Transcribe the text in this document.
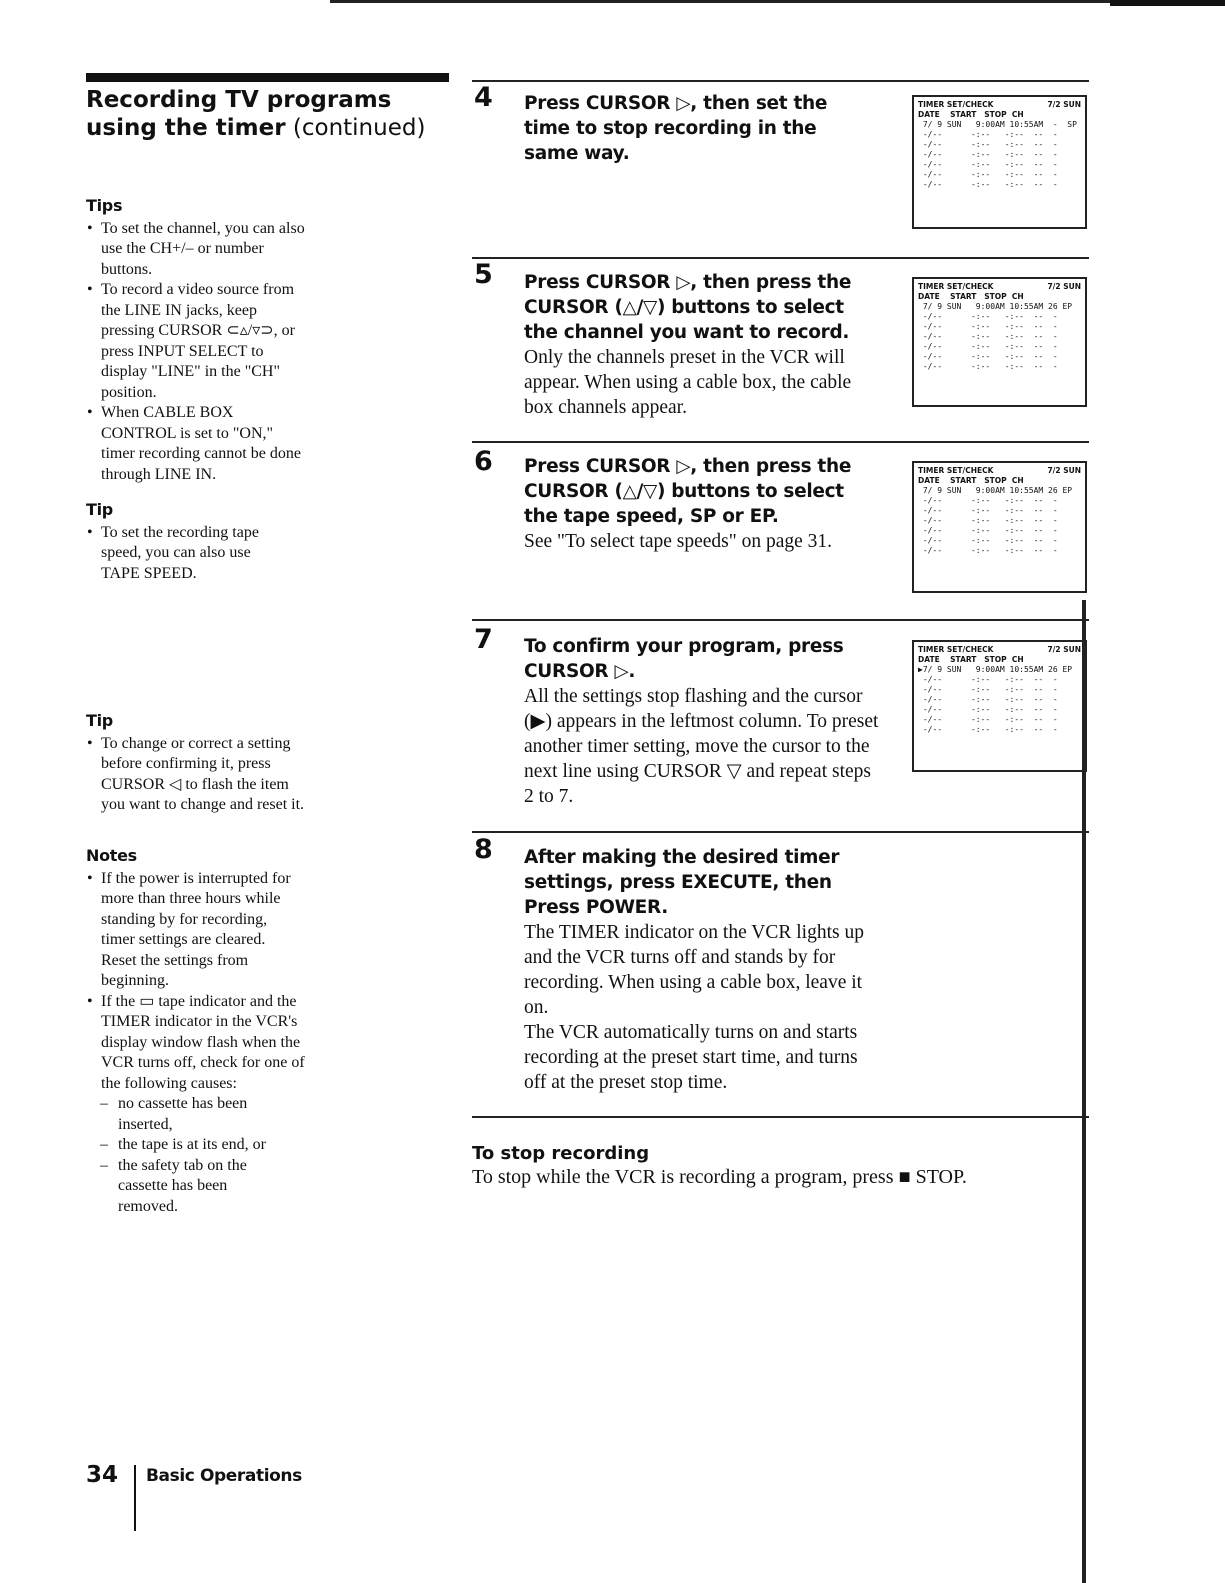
Recording TV programs using the timer (continued)
Tips
• To set the channel, you can also use the CH+/– or number buttons.
• To record a video source from the LINE IN jacks, keep pressing CURSOR ⊂▵/▿⊃, or press INPUT SELECT to display "LINE" in the "CH" position.
• When CABLE BOX CONTROL is set to "ON," timer recording cannot be done through LINE IN.
Tip
• To set the recording tape speed, you can also use TAPE SPEED.
Tip
• To change or correct a setting before confirming it, press CURSOR ◁ to flash the item you want to change and reset it.
Notes
• If the power is interrupted for more than three hours while standing by for recording, timer settings are cleared. Reset the settings from beginning.
• If the ▭ tape indicator and the TIMER indicator in the VCR's display window flash when the VCR turns off, check for one of the following causes:
– no cassette has been inserted,
– the tape is at its end, or
– the safety tab on the cassette has been removed.
4 Press CURSOR ▷, then set the time to stop recording in the same way.
TIMER SET/CHECK	7/2 SUN
DATE    START   STOP  CH
7/ 9 SUN   9:00AM 10:55AM  -  SP
-/--      -:--   -:--  --  -
-/--      -:--   -:--  --  -
-/--      -:--   -:--  --  -
-/--      -:--   -:--  --  -
-/--      -:--   -:--  --  -
-/--      -:--   -:--  --  -
5 Press CURSOR ▷, then press the CURSOR (△/▽) buttons to select the channel you want to record.
Only the channels preset in the VCR will appear. When using a cable box, the cable box channels appear.
TIMER SET/CHECK	7/2 SUN
DATE    START   STOP  CH
7/ 9 SUN   9:00AM 10:55AM 26 EP
-/--      -:--   -:--  --  -
-/--      -:--   -:--  --  -
-/--      -:--   -:--  --  -
-/--      -:--   -:--  --  -
-/--      -:--   -:--  --  -
-/--      -:--   -:--  --  -
6 Press CURSOR ▷, then press the CURSOR (△/▽) buttons to select the tape speed, SP or EP.
See "To select tape speeds" on page 31.
TIMER SET/CHECK	7/2 SUN
DATE    START   STOP  CH
7/ 9 SUN   9:00AM 10:55AM 26 EP
-/--      -:--   -:--  --  -
-/--      -:--   -:--  --  -
-/--      -:--   -:--  --  -
-/--      -:--   -:--  --  -
-/--      -:--   -:--  --  -
-/--      -:--   -:--  --  -
7 To confirm your program, press CURSOR ▷.
All the settings stop flashing and the cursor (▶) appears in the leftmost column. To preset another timer setting, move the cursor to the next line using CURSOR ▽ and repeat steps 2 to 7.
TIMER SET/CHECK	7/2 SUN
DATE    START   STOP  CH
▶7/ 9 SUN   9:00AM 10:55AM 26 EP
-/--      -:--   -:--  --  -
-/--      -:--   -:--  --  -
-/--      -:--   -:--  --  -
-/--      -:--   -:--  --  -
-/--      -:--   -:--  --  -
-/--      -:--   -:--  --  -
8 After making the desired timer settings, press EXECUTE, then Press POWER.
The TIMER indicator on the VCR lights up and the VCR turns off and stands by for recording. When using a cable box, leave it on.
The VCR automatically turns on and starts recording at the preset start time, and turns off at the preset stop time.
To stop recording
To stop while the VCR is recording a program, press ■ STOP.
34 Basic Operations
